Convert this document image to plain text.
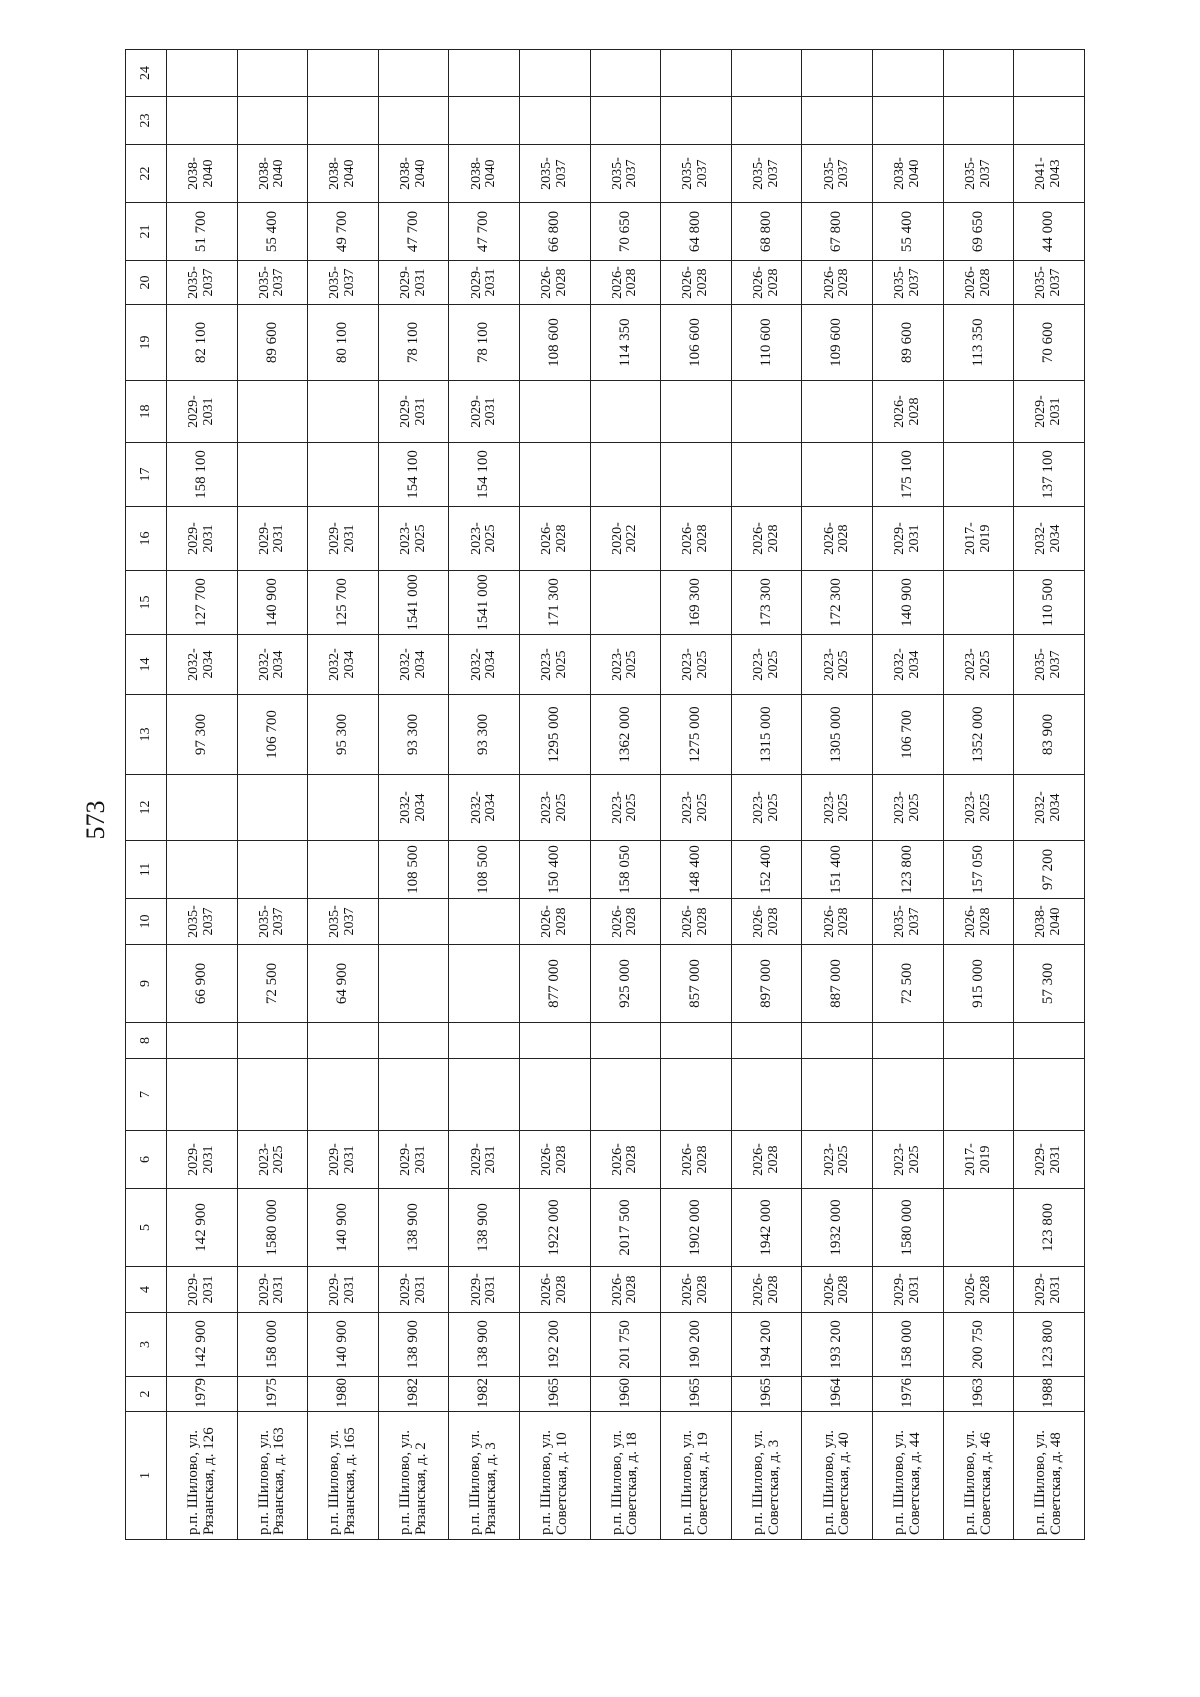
573
1	2	3	4	5	6	7	8	9	10	11	12	13	14	15	16	17	18	19	20	21	22	23	24
р.п. Шилово, ул. Рязанская, д. 126	1979	142 900	2029-2031	142 900	2029-2031			66 900	2035-2037			97 300	2032-2034	127 700	2029-2031	158 100	2029-2031	82 100	2035-2037	51 700	2038-2040		
р.п. Шилово, ул. Рязанская, д. 163	1975	158 000	2029-2031	1580 000	2023-2025			72 500	2035-2037			106 700	2032-2034	140 900	2029-2031			89 600	2035-2037	55 400	2038-2040		
р.п. Шилово, ул. Рязанская, д. 165	1980	140 900	2029-2031	140 900	2029-2031			64 900	2035-2037			95 300	2032-2034	125 700	2029-2031			80 100	2035-2037	49 700	2038-2040		
р.п. Шилово, ул. Рязанская, д. 2	1982	138 900	2029-2031	138 900	2029-2031					108 500	2032-2034	93 300	2032-2034	1541 000	2023-2025	154 100	2029-2031	78 100	2029-2031	47 700	2038-2040		
р.п. Шилово, ул. Рязанская, д. 3	1982	138 900	2029-2031	138 900	2029-2031					108 500	2032-2034	93 300	2032-2034	1541 000	2023-2025	154 100	2029-2031	78 100	2029-2031	47 700	2038-2040		
р.п. Шилово, ул. Советская, д. 10	1965	192 200	2026-2028	1922 000	2026-2028			877 000	2026-2028	150 400	2023-2025	1295 000	2023-2025	171 300	2026-2028			108 600	2026-2028	66 800	2035-2037		
р.п. Шилово, ул. Советская, д. 18	1960	201 750	2026-2028	2017 500	2026-2028			925 000	2026-2028	158 050	2023-2025	1362 000	2023-2025		2020-2022			114 350	2026-2028	70 650	2035-2037		
р.п. Шилово, ул. Советская, д. 19	1965	190 200	2026-2028	1902 000	2026-2028			857 000	2026-2028	148 400	2023-2025	1275 000	2023-2025	169 300	2026-2028			106 600	2026-2028	64 800	2035-2037		
р.п. Шилово, ул. Советская, д. 3	1965	194 200	2026-2028	1942 000	2026-2028			897 000	2026-2028	152 400	2023-2025	1315 000	2023-2025	173 300	2026-2028			110 600	2026-2028	68 800	2035-2037		
р.п. Шилово, ул. Советская, д. 40	1964	193 200	2026-2028	1932 000	2023-2025			887 000	2026-2028	151 400	2023-2025	1305 000	2023-2025	172 300	2026-2028			109 600	2026-2028	67 800	2035-2037		
р.п. Шилово, ул. Советская, д. 44	1976	158 000	2029-2031	1580 000	2023-2025			72 500	2035-2037	123 800	2023-2025	106 700	2032-2034	140 900	2029-2031	175 100	2026-2028	89 600	2035-2037	55 400	2038-2040		
р.п. Шилово, ул. Советская, д. 46	1963	200 750	2026-2028		2017-2019			915 000	2026-2028	157 050	2023-2025	1352 000	2023-2025		2017-2019			113 350	2026-2028	69 650	2035-2037		
р.п. Шилово, ул. Советская, д. 48	1988	123 800	2029-2031	123 800	2029-2031			57 300	2038-2040	97 200	2032-2034	83 900	2035-2037	110 500	2032-2034	137 100	2029-2031	70 600	2035-2037	44 000	2041-2043		
